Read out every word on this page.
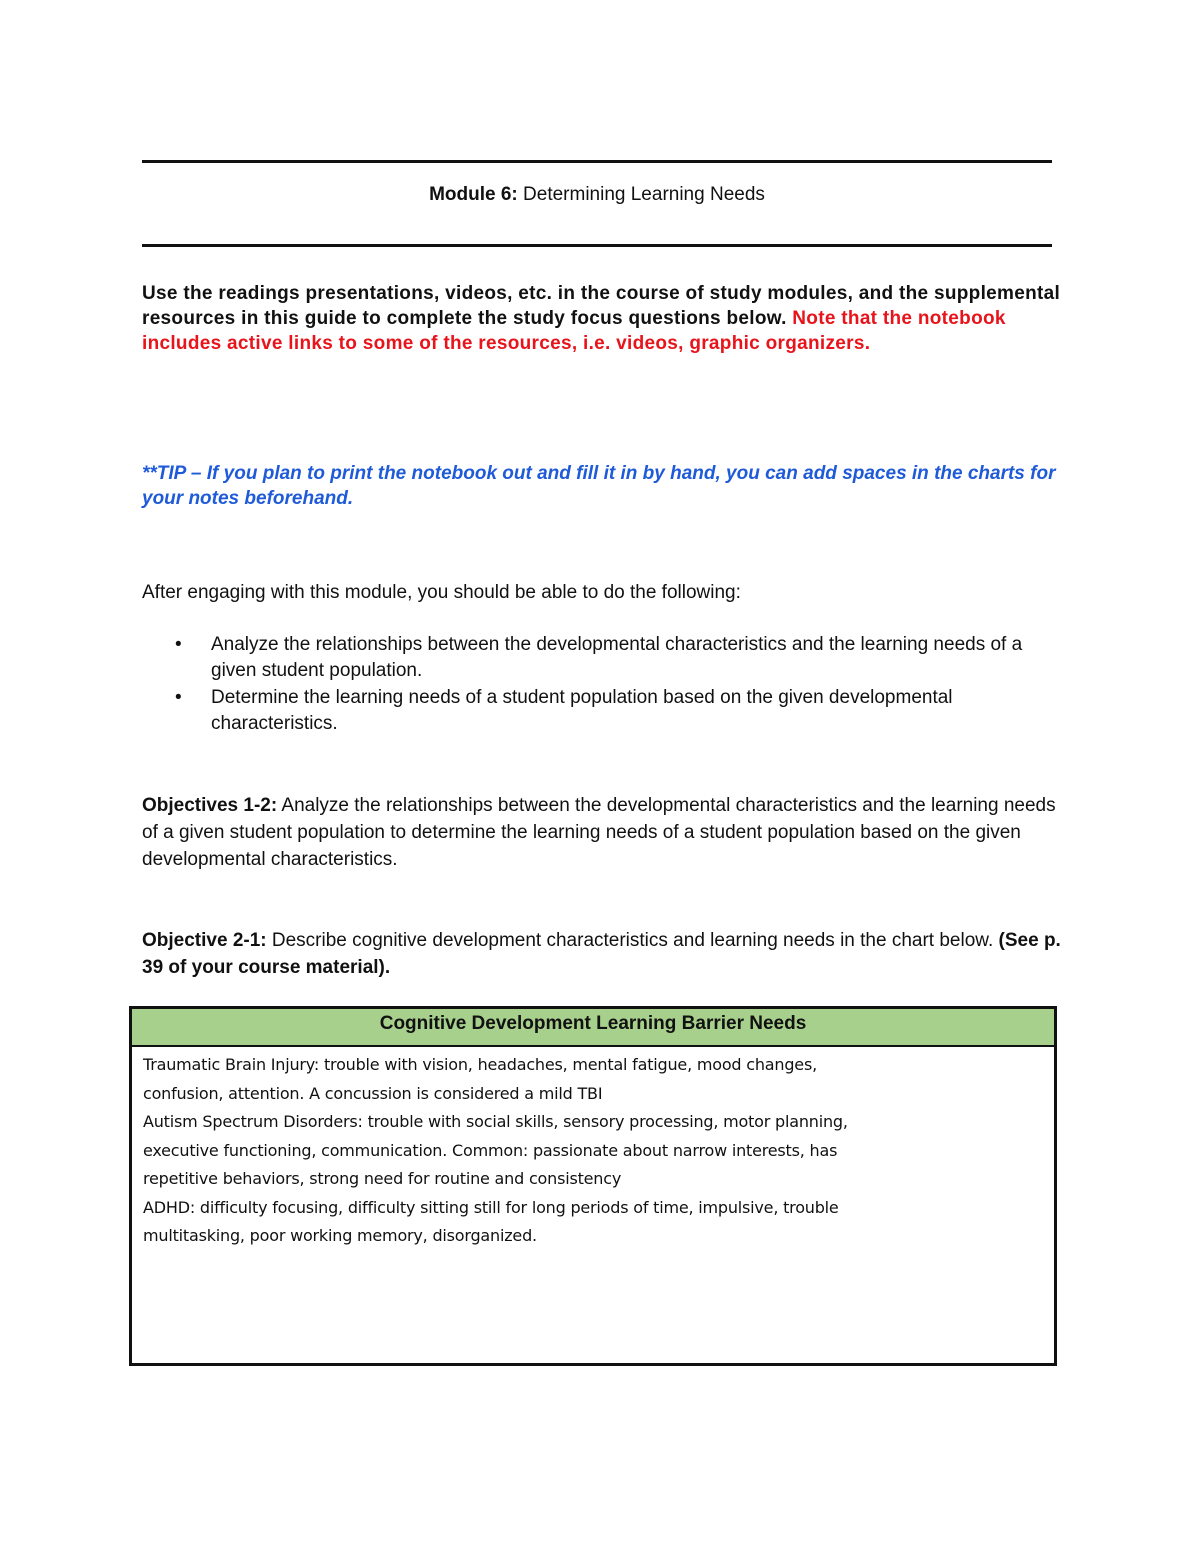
Module 6: Determining Learning Needs
Use the readings presentations, videos, etc. in the course of study modules, and the supplemental resources in this guide to complete the study focus questions below. Note that the notebook includes active links to some of the resources, i.e. videos, graphic organizers.
**TIP – If you plan to print the notebook out and fill it in by hand, you can add spaces in the charts for your notes beforehand.
After engaging with this module, you should be able to do the following:
• Analyze the relationships between the developmental characteristics and the learning needs of a given student population.
• Determine the learning needs of a student population based on the given developmental characteristics.
Objectives 1-2: Analyze the relationships between the developmental characteristics and the learning needs of a given student population to determine the learning needs of a student population based on the given developmental characteristics.
Objective 2-1: Describe cognitive development characteristics and learning needs in the chart below. (See p. 39 of your course material).
Cognitive Development Learning Barrier Needs

Traumatic Brain Injury: trouble with vision, headaches, mental fatigue, mood changes,
confusion, attention. A concussion is considered a mild TBI

Autism Spectrum Disorders: trouble with social skills, sensory processing, motor planning,
executive functioning, communication. Common: passionate about narrow interests, has
repetitive behaviors, strong need for routine and consistency

ADHD: difficulty focusing, difficulty sitting still for long periods of time, impulsive, trouble
multitasking, poor working memory, disorganized.
